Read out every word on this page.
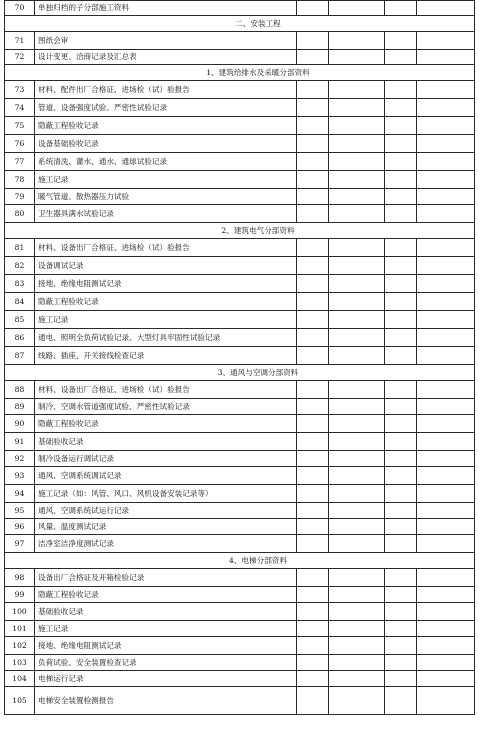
70	单独归档的子分部施工资料				
二、安装工程					
71	图纸会审				
72	设计变更、洽商记录及汇总表				
1、建筑给排水及采暖分部资料					
73	材料、配件出厂合格证、进场检（试）验报告				
74	管道、设备强度试验、严密性试验记录				
75	隐蔽工程验收记录				
76	设备基础验收记录				
77	系统清洗、灌水、通水、通球试验记录				
78	施工记录				
79	暖气管道、散热器压力试验				
80	卫生器具满水试验记录				
2、建筑电气分部资料					
81	材料、设备出厂合格证、进场检（试）验报告				
82	设备调试记录				
83	接地、绝缘电阻测试记录				
84	隐蔽工程验收记录				
85	施工记录				
86	通电、照明全负荷试验记录、大型灯具牢固性试验记录				
87	线路、插座、开关接线检查记录				
3、通风与空调分部资料					
88	材料、设备出厂合格证、进场检（试）验报告				
89	制冷、空调水管道强度试验、严密性试验记录				
90	隐蔽工程验收记录				
91	基础验收记录				
92	制冷设备运行调试记录				
93	通风、空调系统调试记录				
94	施工记录（如：风管、风口、风机设备安装记录等）				
95	通风、空调系统试运行记录				
96	风量、温度测试记录				
97	洁净室洁净度测试记录				
4、电梯分部资料					
98	设备出厂合格证及开箱检验记录				
99	隐蔽工程验收记录				
100	基础验收记录				
101	施工记录				
102	接地、绝缘电阻测试记录				
103	负荷试验、安全装置检查记录				
104	电梯运行记录				
105	电梯安全装置检测报告				
